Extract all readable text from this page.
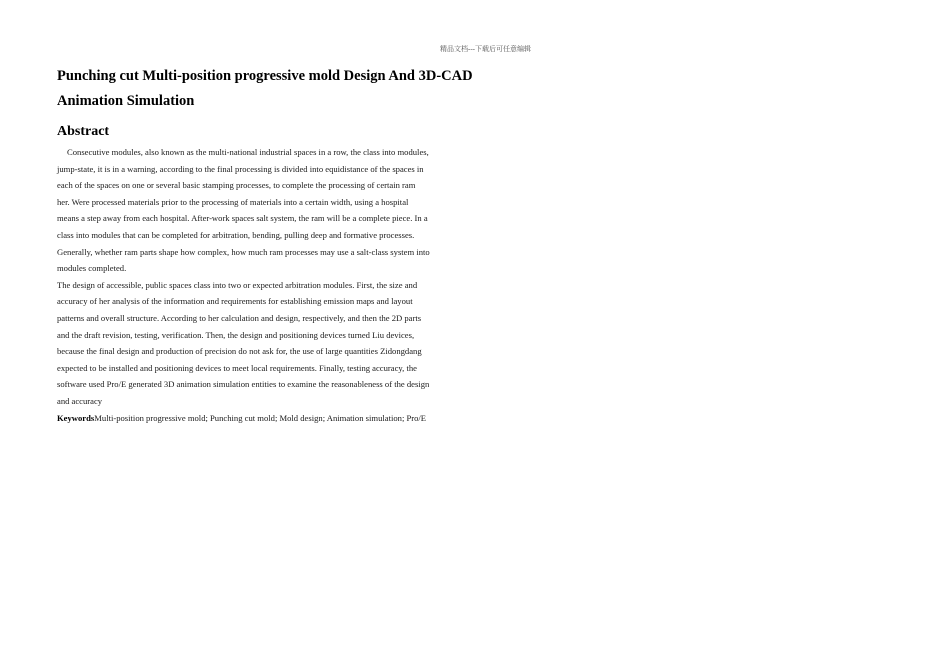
精品文档---下载后可任意编辑
Punching cut Multi-position progressive mold Design And 3D-CAD
Animation Simulation
Abstract

Consecutive modules, also known as the multi-national industrial spaces in a row, the class into modules,
jump-state, it is in a warning, according to the final processing is divided into equidistance of the spaces in
each of the spaces on one or several basic stamping processes, to complete the processing of certain ram
her. Were processed materials prior to the processing of materials into a certain width, using a hospital
means a step away from each hospital. After-work spaces salt system, the ram will be a complete piece. In a
class into modules that can be completed for arbitration, bending, pulling deep and formative processes.
Generally, whether ram parts shape how complex, how much ram processes may use a salt-class system into
modules completed.

The design of accessible, public spaces class into two or expected arbitration modules. First, the size and
accuracy of her analysis of the information and requirements for establishing emission maps and layout
patterns and overall structure. According to her calculation and design, respectively, and then the 2D parts
and the draft revision, testing, verification. Then, the design and positioning devices turned Liu devices,
because the final design and production of precision do not ask for, the use of large quantities Zidongdang
expected to be installed and positioning devices to meet local requirements. Finally, testing accuracy, the
software used Pro/E generated 3D animation simulation entities to examine the reasonableness of the design
and accuracy

KeywordsMulti-position progressive mold; Punching cut mold; Mold design; Animation simulation; Pro/E
